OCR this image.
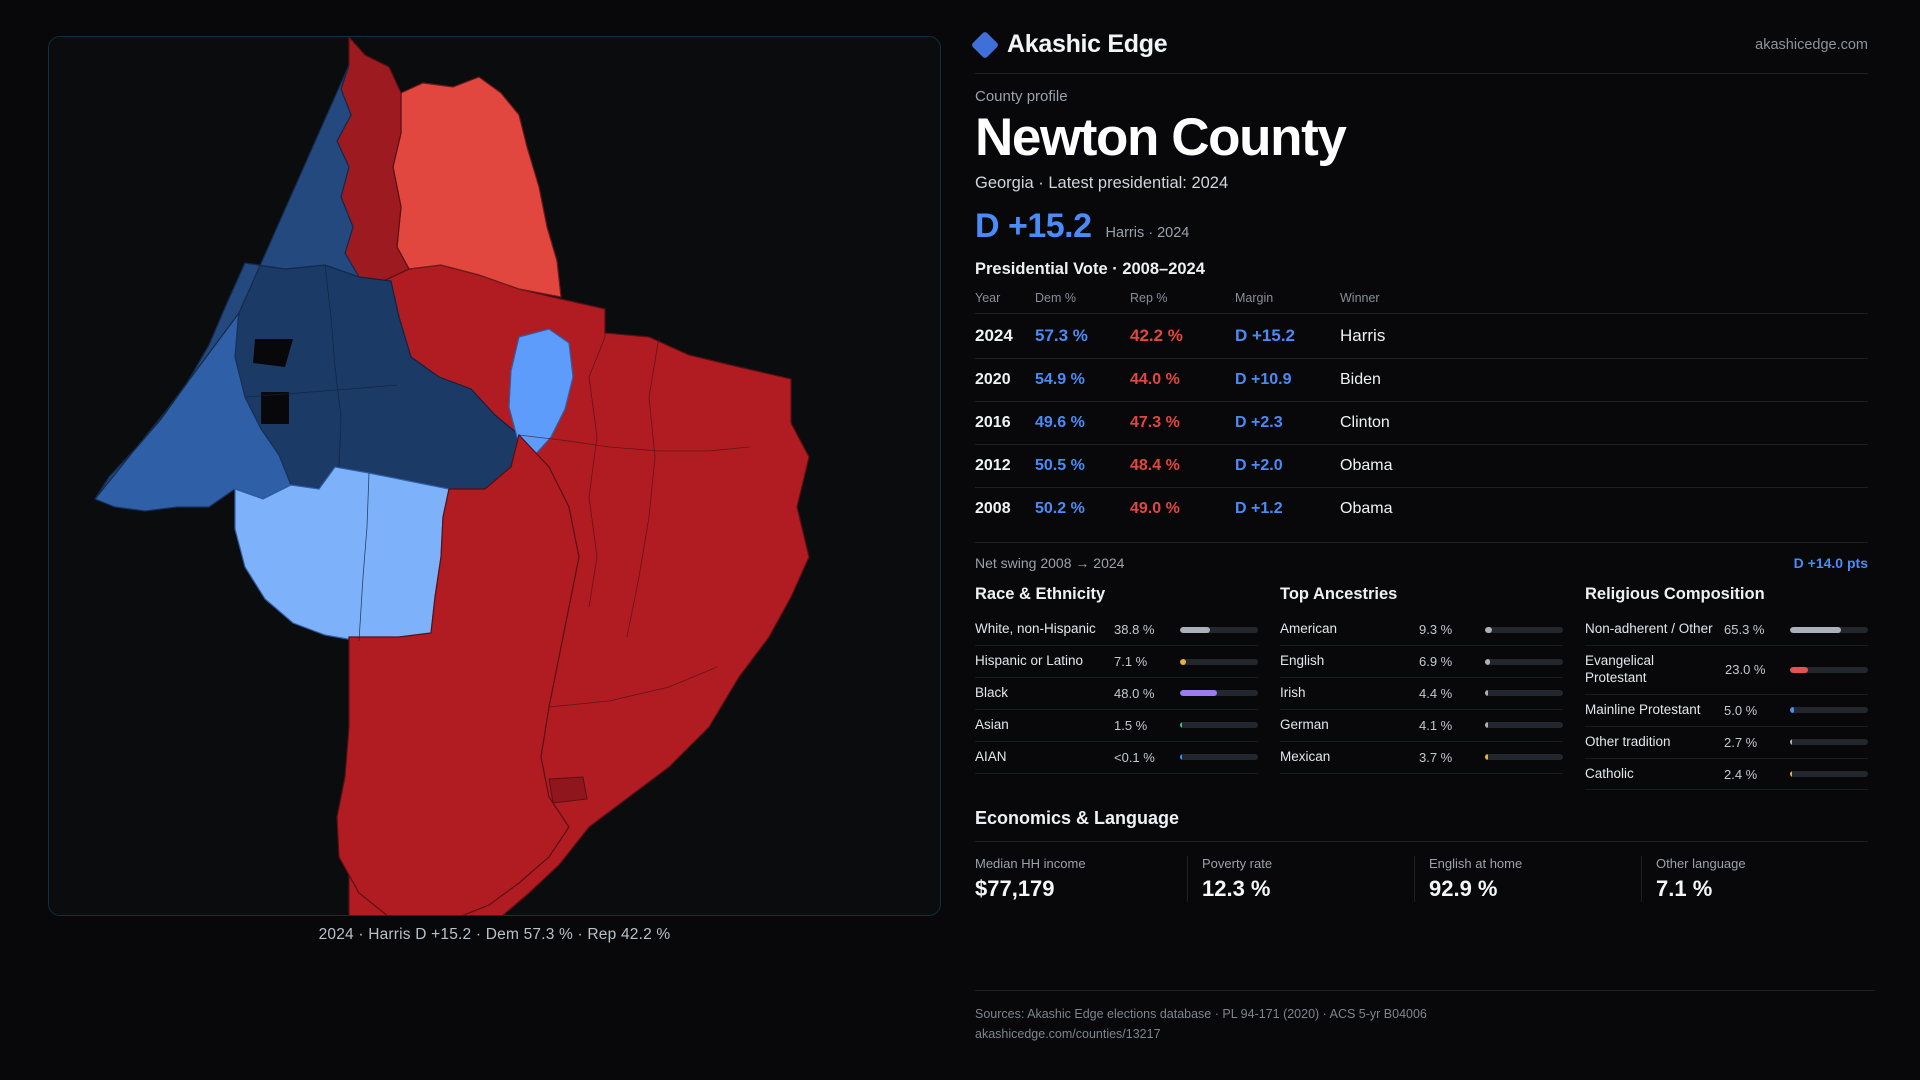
2024 · Harris D +15.2 · Dem 57.3 % · Rep 42.2 %
Akashic Edge	akashicedge.com
County profile
Newton County
Georgia · Latest presidential: 2024
D +15.2 Harris · 2024
Presidential Vote · 2008–2024
Year	Dem %	Rep %	Margin	Winner
2024	57.3 %	42.2 %	D +15.2	Harris
2020	54.9 %	44.0 %	D +10.9	Biden
2016	49.6 %	47.3 %	D +2.3	Clinton
2012	50.5 %	48.4 %	D +2.0	Obama
2008	50.2 %	49.0 %	D +1.2	Obama
Net swing 2008 → 2024	D +14.0 pts
Race & Ethnicity
White, non-Hispanic	38.8 %
Hispanic or Latino	7.1 %
Black	48.0 %
Asian	1.5 %
AIAN	<0.1 %
Top Ancestries
American	9.3 %
English	6.9 %
Irish	4.4 %
German	4.1 %
Mexican	3.7 %
Religious Composition
Non-adherent / Other 65.3 %
Evangelical Protestant	23.0 %
Mainline Protestant	5.0 %
Other tradition	2.7 %
Catholic	2.4 %
Economics & Language
Median HH income
$77,179
Poverty rate
12.3 %
English at home
92.9 %
Other language
7.1 %
Sources: Akashic Edge elections database · PL 94-171 (2020) · ACS 5-yr B04006
akashicedge.com/counties/13217
